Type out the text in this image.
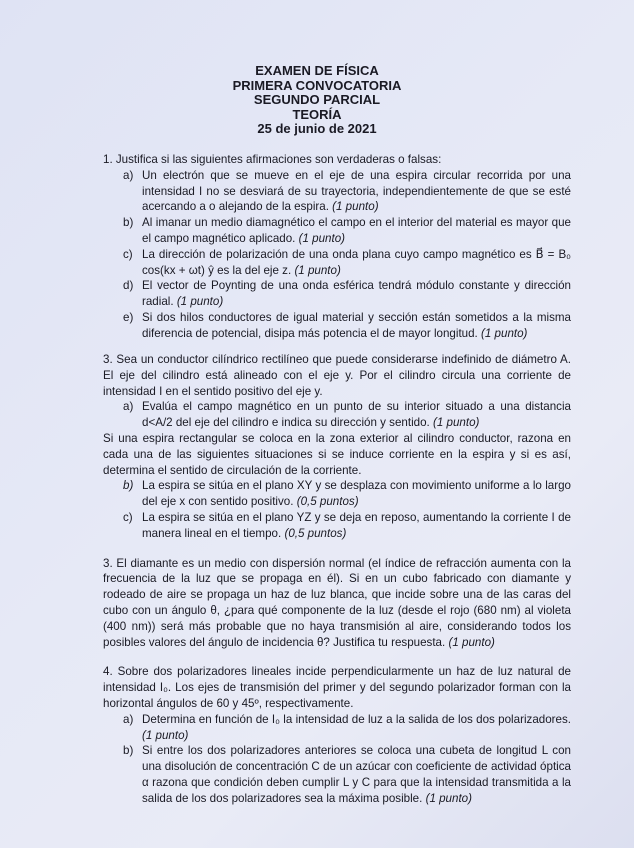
EXAMEN DE FÍSICA
PRIMERA CONVOCATORIA
SEGUNDO PARCIAL
TEORÍA
25 de junio de 2021

1. Justifica si las siguientes afirmaciones son verdaderas o falsas:

a) Un electrón que se mueve en el eje de una espira circular recorrida por una intensidad I no se desviará de su trayectoria, independientemente de que se esté acercando a o alejando de la espira. (1 punto)
b) Al imanar un medio diamagnético el campo en el interior del material es mayor que el campo magnético aplicado. (1 punto)
c) La dirección de polarización de una onda plana cuyo campo magnético es B⃗ = B₀ cos(kx + ωt) ŷ es la del eje z. (1 punto)
d) El vector de Poynting de una onda esférica tendrá módulo constante y dirección radial. (1 punto)
e) Si dos hilos conductores de igual material y sección están sometidos a la misma diferencia de potencial, disipa más potencia el de mayor longitud. (1 punto)

3. Sea un conductor cilíndrico rectilíneo que puede considerarse indefinido de diámetro A. El eje del cilindro está alineado con el eje y. Por el cilindro circula una corriente de intensidad I en el sentido positivo del eje y.

a) Evalúa el campo magnético en un punto de su interior situado a una distancia d<A/2 del eje del cilindro e indica su dirección y sentido. (1 punto)

Si una espira rectangular se coloca en la zona exterior al cilindro conductor, razona en cada una de las siguientes situaciones si se induce corriente en la espira y si es así, determina el sentido de circulación de la corriente.

b) La espira se sitúa en el plano XY y se desplaza con movimiento uniforme a lo largo del eje x con sentido positivo. (0,5 puntos)
c) La espira se sitúa en el plano YZ y se deja en reposo, aumentando la corriente I de manera lineal en el tiempo. (0,5 puntos)

3. El diamante es un medio con dispersión normal (el índice de refracción aumenta con la frecuencia de la luz que se propaga en él). Si en un cubo fabricado con diamante y rodeado de aire se propaga un haz de luz blanca, que incide sobre una de las caras del cubo con un ángulo θ, ¿para qué componente de la luz (desde el rojo (680 nm) al violeta (400 nm)) será más probable que no haya transmisión al aire, considerando todos los posibles valores del ángulo de incidencia θ? Justifica tu respuesta. (1 punto)

4. Sobre dos polarizadores lineales incide perpendicularmente un haz de luz natural de intensidad I₀. Los ejes de transmisión del primer y del segundo polarizador forman con la horizontal ángulos de 60 y 45º, respectivamente.

a) Determina en función de I₀ la intensidad de luz a la salida de los dos polarizadores. (1 punto)
b) Si entre los dos polarizadores anteriores se coloca una cubeta de longitud L con una disolución de concentración C de un azúcar con coeficiente de actividad óptica α razona que condición deben cumplir L y C para que la intensidad transmitida a la salida de los dos polarizadores sea la máxima posible. (1 punto)
